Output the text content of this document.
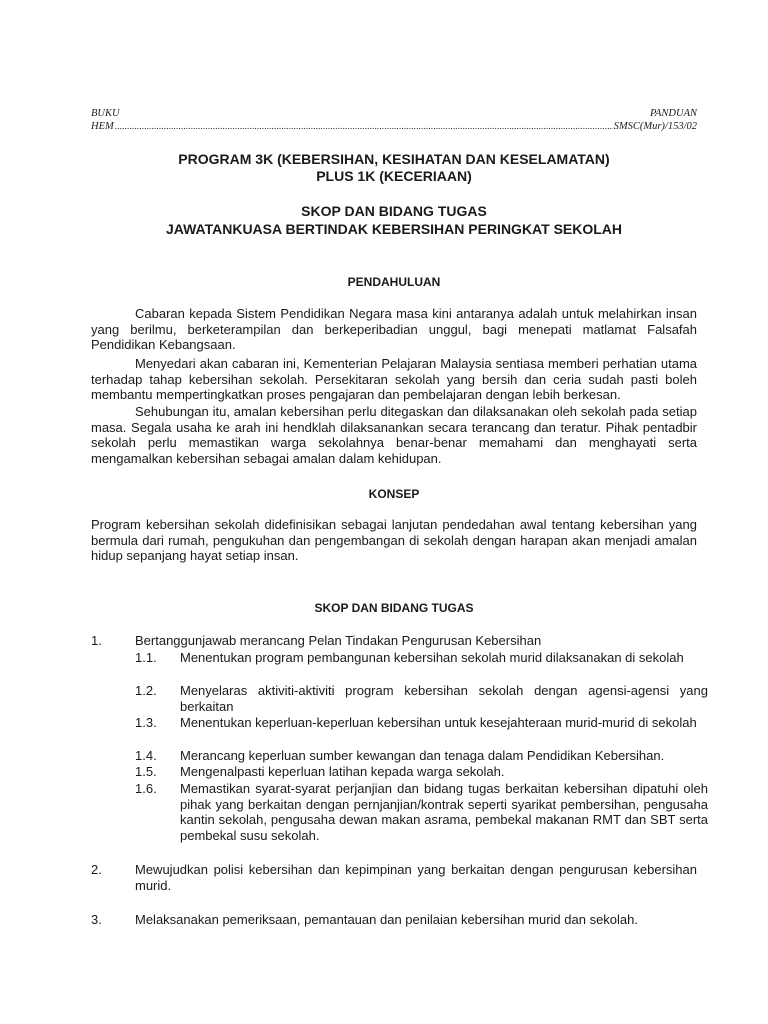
BUKU	PANDUAN
HEM
.....	SMSC(Mur)/153/02
PROGRAM 3K (KEBERSIHAN, KESIHATAN DAN KESELAMATAN)
PLUS 1K (KECERIAAN)
SKOP DAN BIDANG TUGAS
JAWATANKUASA BERTINDAK KEBERSIHAN PERINGKAT SEKOLAH
PENDAHULUAN

Cabaran kepada Sistem Pendidikan Negara masa kini antaranya adalah untuk melahirkan insan yang berilmu, berketerampilan dan berkeperibadian unggul, bagi menepati matlamat Falsafah Pendidikan Kebangsaan.

Menyedari akan cabaran ini, Kementerian Pelajaran Malaysia sentiasa memberi perhatian utama terhadap tahap kebersihan sekolah. Persekitaran sekolah yang bersih dan ceria sudah pasti boleh membantu mempertingkatkan proses pengajaran dan pembelajaran dengan lebih berkesan.

Sehubungan itu, amalan kebersihan perlu ditegaskan dan dilaksanakan oleh sekolah pada setiap masa. Segala usaha ke arah ini hendklah dilaksanankan secara terancang dan teratur. Pihak pentadbir sekolah perlu memastikan warga sekolahnya benar-benar memahami dan menghayati serta mengamalkan kebersihan sebagai amalan dalam kehidupan.

KONSEP

Program kebersihan sekolah didefinisikan sebagai lanjutan pendedahan awal tentang kebersihan yang bermula dari rumah, pengukuhan dan pengembangan di sekolah dengan harapan akan menjadi amalan hidup sepanjang hayat setiap insan.

SKOP DAN BIDANG TUGAS
1.	Bertanggunjawab merancang Pelan Tindakan Pengurusan Kebersihan
1.1. Menentukan program pembangunan kebersihan sekolah murid dilaksanakan di sekolah
1.2. Menyelaras aktiviti-aktiviti program kebersihan sekolah dengan agensi-agensi yang berkaitan
1.3. Menentukan keperluan-keperluan kebersihan untuk kesejahteraan murid-murid di sekolah
1.4. Merancang keperluan sumber kewangan dan tenaga dalam Pendidikan Kebersihan.
1.5. Mengenalpasti keperluan latihan kepada warga sekolah.
1.6. Memastikan syarat-syarat perjanjian dan bidang tugas berkaitan kebersihan dipatuhi oleh pihak yang berkaitan dengan pernjanjian/kontrak seperti syarikat pembersihan, pengusaha kantin sekolah, pengusaha dewan makan asrama, pembekal makanan RMT dan SBT serta pembekal susu sekolah.
2.	Mewujudkan polisi kebersihan dan kepimpinan yang berkaitan dengan pengurusan kebersihan murid.
3.	Melaksanakan pemeriksaan, pemantauan dan penilaian kebersihan murid dan sekolah.
